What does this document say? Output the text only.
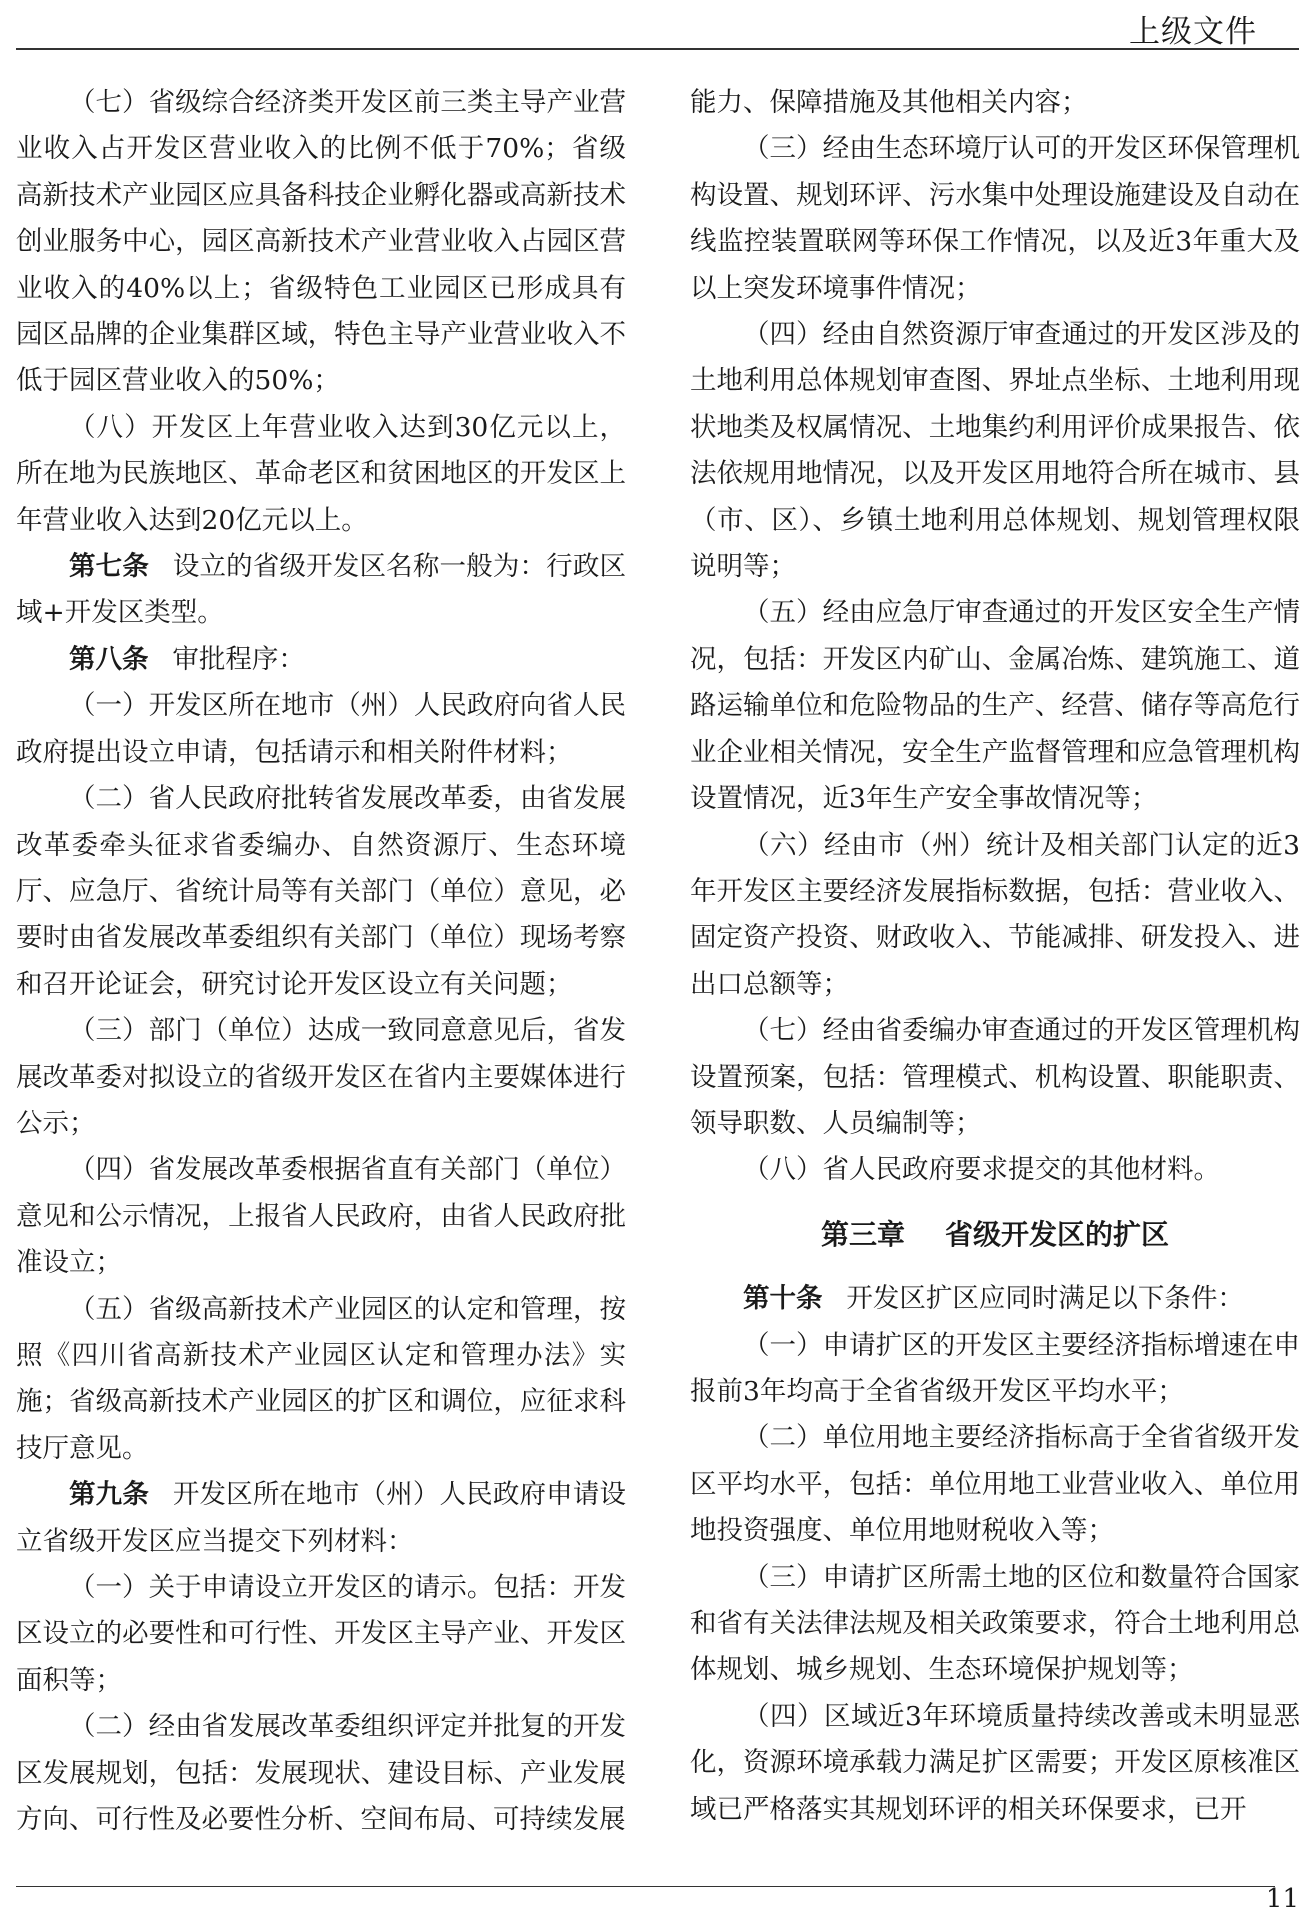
上级文件

（七）省级综合经济类开发区前三类主导产业营业收入占开发区营业收入的比例不低于70%；省级高新技术产业园区应具备科技企业孵化器或高新技术创业服务中心，园区高新技术产业营业收入占园区营业收入的40%以上；省级特色工业园区已形成具有园区品牌的企业集群区域，特色主导产业营业收入不低于园区营业收入的50%；

（八）开发区上年营业收入达到30亿元以上，所在地为民族地区、革命老区和贫困地区的开发区上年营业收入达到20亿元以上。

第七条 设立的省级开发区名称一般为：行政区域+开发区类型。

第八条 审批程序：

（一）开发区所在地市（州）人民政府向省人民政府提出设立申请，包括请示和相关附件材料；

（二）省人民政府批转省发展改革委，由省发展改革委牵头征求省委编办、自然资源厅、生态环境厅、应急厅、省统计局等有关部门（单位）意见，必要时由省发展改革委组织有关部门（单位）现场考察和召开论证会，研究讨论开发区设立有关问题；

（三）部门（单位）达成一致同意意见后，省发展改革委对拟设立的省级开发区在省内主要媒体进行公示；

（四）省发展改革委根据省直有关部门（单位）意见和公示情况，上报省人民政府，由省人民政府批准设立；

（五）省级高新技术产业园区的认定和管理，按照《四川省高新技术产业园区认定和管理办法》实施；省级高新技术产业园区的扩区和调位，应征求科技厅意见。

第九条 开发区所在地市（州）人民政府申请设立省级开发区应当提交下列材料：

（一）关于申请设立开发区的请示。包括：开发区设立的必要性和可行性、开发区主导产业、开发区面积等；

（二）经由省发展改革委组织评定并批复的开发区发展规划，包括：发展现状、建设目标、产业发展方向、可行性及必要性分析、空间布局、可持续发展

能力、保障措施及其他相关内容；

（三）经由生态环境厅认可的开发区环保管理机构设置、规划环评、污水集中处理设施建设及自动在线监控装置联网等环保工作情况，以及近3年重大及以上突发环境事件情况；

（四）经由自然资源厅审查通过的开发区涉及的土地利用总体规划审查图、界址点坐标、土地利用现状地类及权属情况、土地集约利用评价成果报告、依法依规用地情况，以及开发区用地符合所在城市、县（市、区）、乡镇土地利用总体规划、规划管理权限说明等；

（五）经由应急厅审查通过的开发区安全生产情况，包括：开发区内矿山、金属冶炼、建筑施工、道路运输单位和危险物品的生产、经营、储存等高危行业企业相关情况，安全生产监督管理和应急管理机构设置情况，近3年生产安全事故情况等；

（六）经由市（州）统计及相关部门认定的近3年开发区主要经济发展指标数据，包括：营业收入、固定资产投资、财政收入、节能减排、研发投入、进出口总额等；

（七）经由省委编办审查通过的开发区管理机构设置预案，包括：管理模式、机构设置、职能职责、领导职数、人员编制等；

（八）省人民政府要求提交的其他材料。

第三章 省级开发区的扩区

第十条 开发区扩区应同时满足以下条件：

（一）申请扩区的开发区主要经济指标增速在申报前3年均高于全省省级开发区平均水平；

（二）单位用地主要经济指标高于全省省级开发区平均水平，包括：单位用地工业营业收入、单位用地投资强度、单位用地财税收入等；

（三）申请扩区所需土地的区位和数量符合国家和省有关法律法规及相关政策要求，符合土地利用总体规划、城乡规划、生态环境保护规划等；

（四）区域近3年环境质量持续改善或未明显恶化，资源环境承载力满足扩区需要；开发区原核准区域已严格落实其规划环评的相关环保要求，已开

11
